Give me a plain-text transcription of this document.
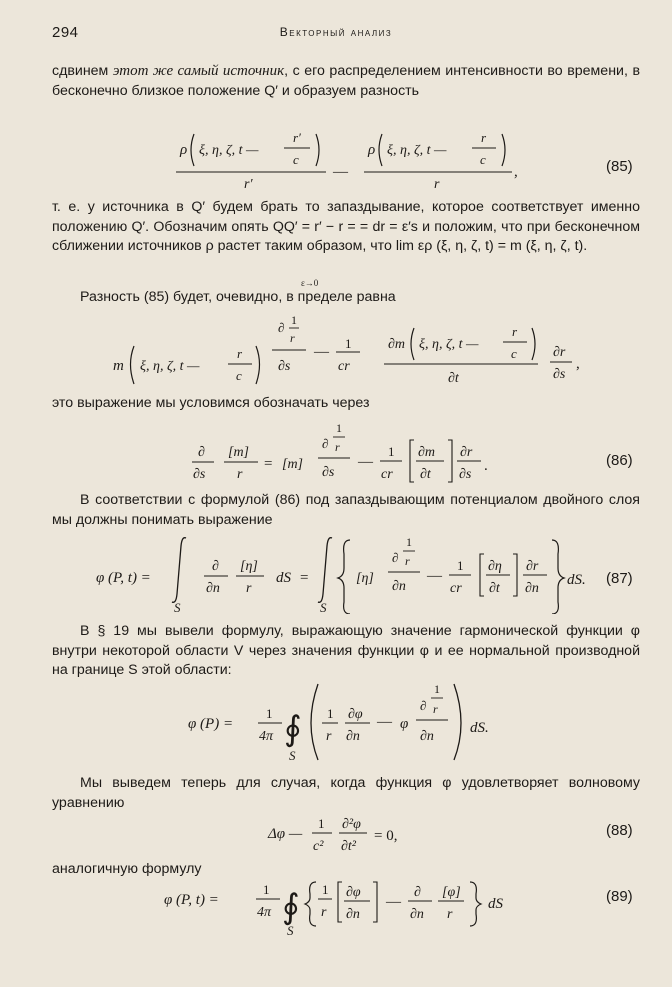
294	Векторный анализ

сдвинем этот же самый источник, с его распределением интенсивности во времени, в бесконечно близкое положение Q′ и образуем разность

ρ ξ, η, ζ, t —
r′
c
r′
—
ρ ξ, η, ζ, t —
r
c
r
,	(85)

т. е. у источника в Q′ будем брать то запаздывание, которое соответствует именно положению Q′. Обозначим опять QQ′ = r′ − r = = dr = ε′s и положим, что при бесконечном сближении источников ρ растет таким образом, что lim ερ (ξ, η, ζ, t) = m (ξ, η, ζ, t).

ε→0

Разность (85) будет, очевидно, в пределе равна

m ξ, η, ζ, t —
r
c
∂ 1
r
∂s
—
1
cr
∂m ξ, η, ζ, t —
r
c
∂t
∂r
∂s
,

это выражение мы условимся обозначать через

∂
∂s
[m]
r
= [m]
∂
1
r
∂s
—
1
cr
∂m
∂t
∂r
∂s
.	(86)

В соответствии с формулой (86) под запаздывающим потенциалом двойного слоя мы должны понимать выражение

φ (P, t) =
S
∂
∂n
[η]
r
dS =
S
[η]
∂
1
r
∂n
—
1
cr
∂η
∂t
∂r
∂n
dS. (87)

В § 19 мы вывели формулу, выражающую значение гармонической функции φ внутри некоторой области V через значения функции φ и ее нормальной производной на границе S этой области:

φ (P) =
1
4π ∮
S
1
r
∂φ
∂n
— φ
∂
1
r
∂n
dS.

Мы выведем теперь для случая, когда функция φ удовлетворяет волновому уравнению

Δφ —
1
c²
∂²φ
∂t²
= 0,	(88)

аналогичную формулу

φ (P, t) =
1
4π ∮
S
1
r
∂φ
∂n
—
∂
∂n
[φ]
r
dS	(89)
